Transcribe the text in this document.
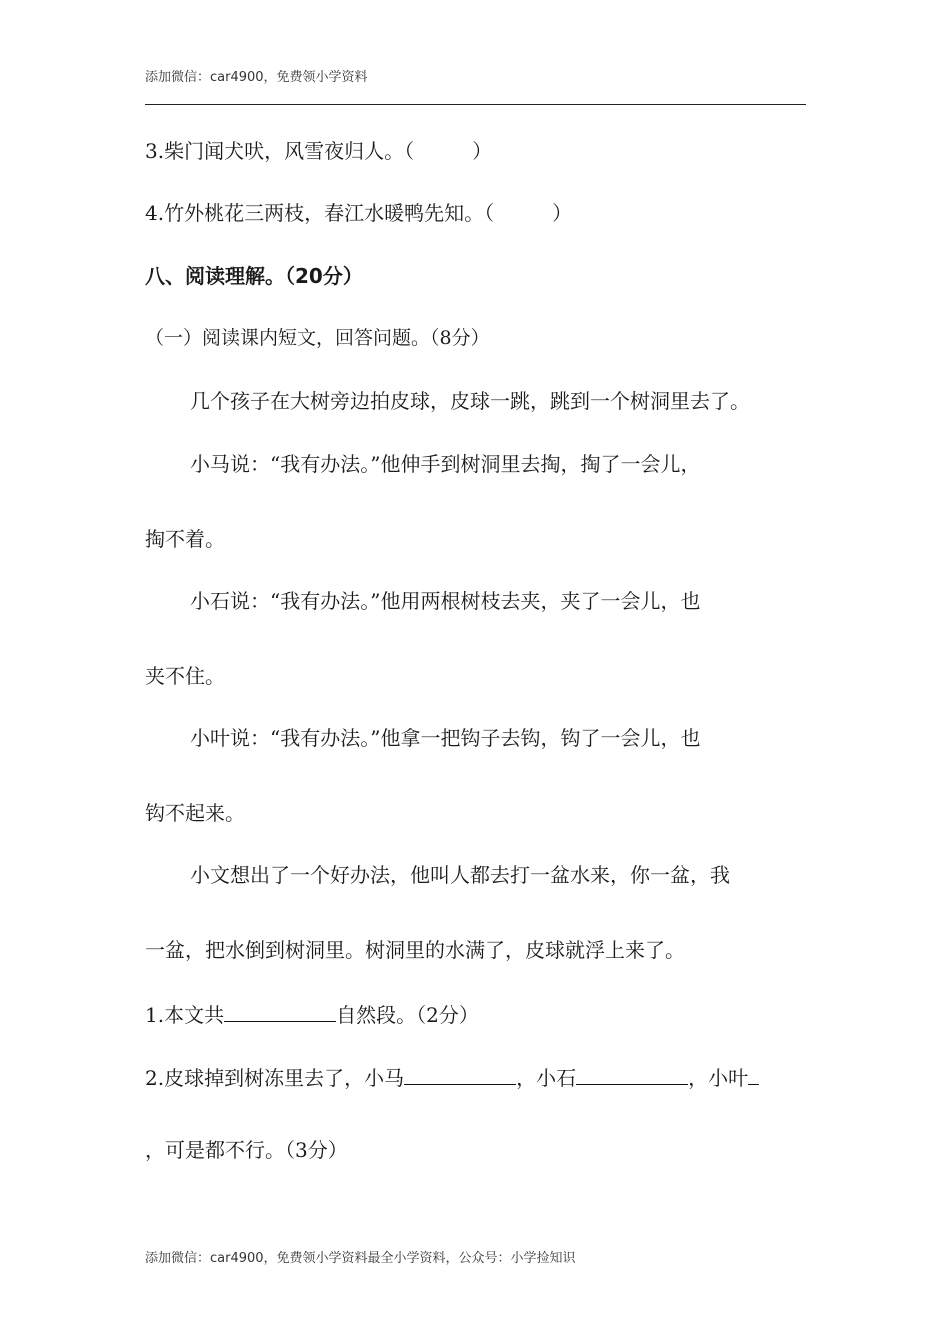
添加微信：car4900，免费领小学资料
3.柴门闻犬吠，风雪夜归人。（	）
4.竹外桃花三两枝，春江水暖鸭先知。（	）
八、阅读理解。（20分）
（一）阅读课内短文，回答问题。（8分）
几个孩子在大树旁边拍皮球，皮球一跳，跳到一个树洞里去了。
小马说：“我有办法。”他伸手到树洞里去掏，掏了一会儿，
掏不着。
小石说：“我有办法。”他用两根树枝去夹，夹了一会儿，也
夹不住。
小叶说：“我有办法。”他拿一把钩子去钩，钩了一会儿，也
钩不起来。
小文想出了一个好办法，他叫人都去打一盆水来，你一盆，我
一盆，把水倒到树洞里。树洞里的水满了，皮球就浮上来了。
1.本文共	自然段。（2分）
2.皮球掉到树冻里去了，小马	，小石	，小叶
，可是都不行。（3分）
添加微信：car4900，免费领小学资料最全小学资料，公众号：小学捡知识
